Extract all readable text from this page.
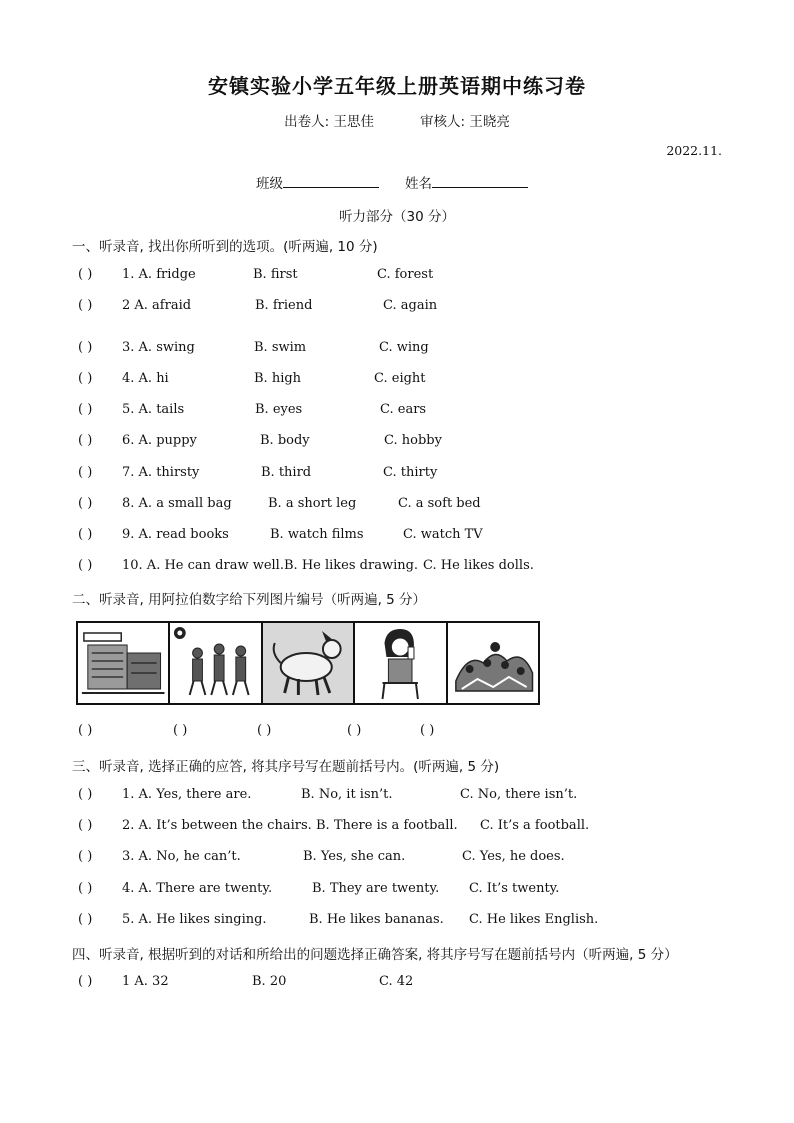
安镇实验小学五年级上册英语期中练习卷
出卷人: 王思佳	审核人: 王晓亮
2022.11.
班级	姓名
听力部分（30 分）
一、听录音, 找出你所听到的选项。(听两遍, 10 分)
( ) 1. A. fridge	B. first	C. forest
( ) 2 A. afraid	B. friend	C. again
( ) 3. A. swing	B. swim	C. wing
( ) 4. A. hi	B. high	C. eight
( ) 5. A. tails	B. eyes	C. ears
( ) 6. A. puppy	B. body	C. hobby
( ) 7. A. thirsty	B. third	C. thirty
( ) 8. A. a small bag	B. a short leg	C. a soft bed
( ) 9. A. read books	B. watch films	C. watch TV
( ) 10. A. He can draw well. B. He likes drawing. C. He likes dolls.
二、听录音, 用阿拉伯数字给下列图片编号（听两遍, 5 分）
( )	( )	( )	( )	( )
三、听录音, 选择正确的应答, 将其序号写在题前括号内。(听两遍, 5 分)
( ) 1. A. Yes, there are.	B. No, it isn’t.	C. No, there isn’t.
( ) 2. A. It’s between the chairs. B. There is a football. C. It’s a football.
( ) 3. A. No, he can’t.	B. Yes, she can.	C. Yes, he does.
( ) 4. A. There are twenty.	B. They are twenty. C. It’s twenty.
( ) 5. A. He likes singing.	B. He likes bananas. C. He likes English.
四、听录音, 根据听到的对话和所给出的问题选择正确答案, 将其序号写在题前括号内（听两遍, 5 分）
( ) 1 A. 32	B. 20	C. 42
